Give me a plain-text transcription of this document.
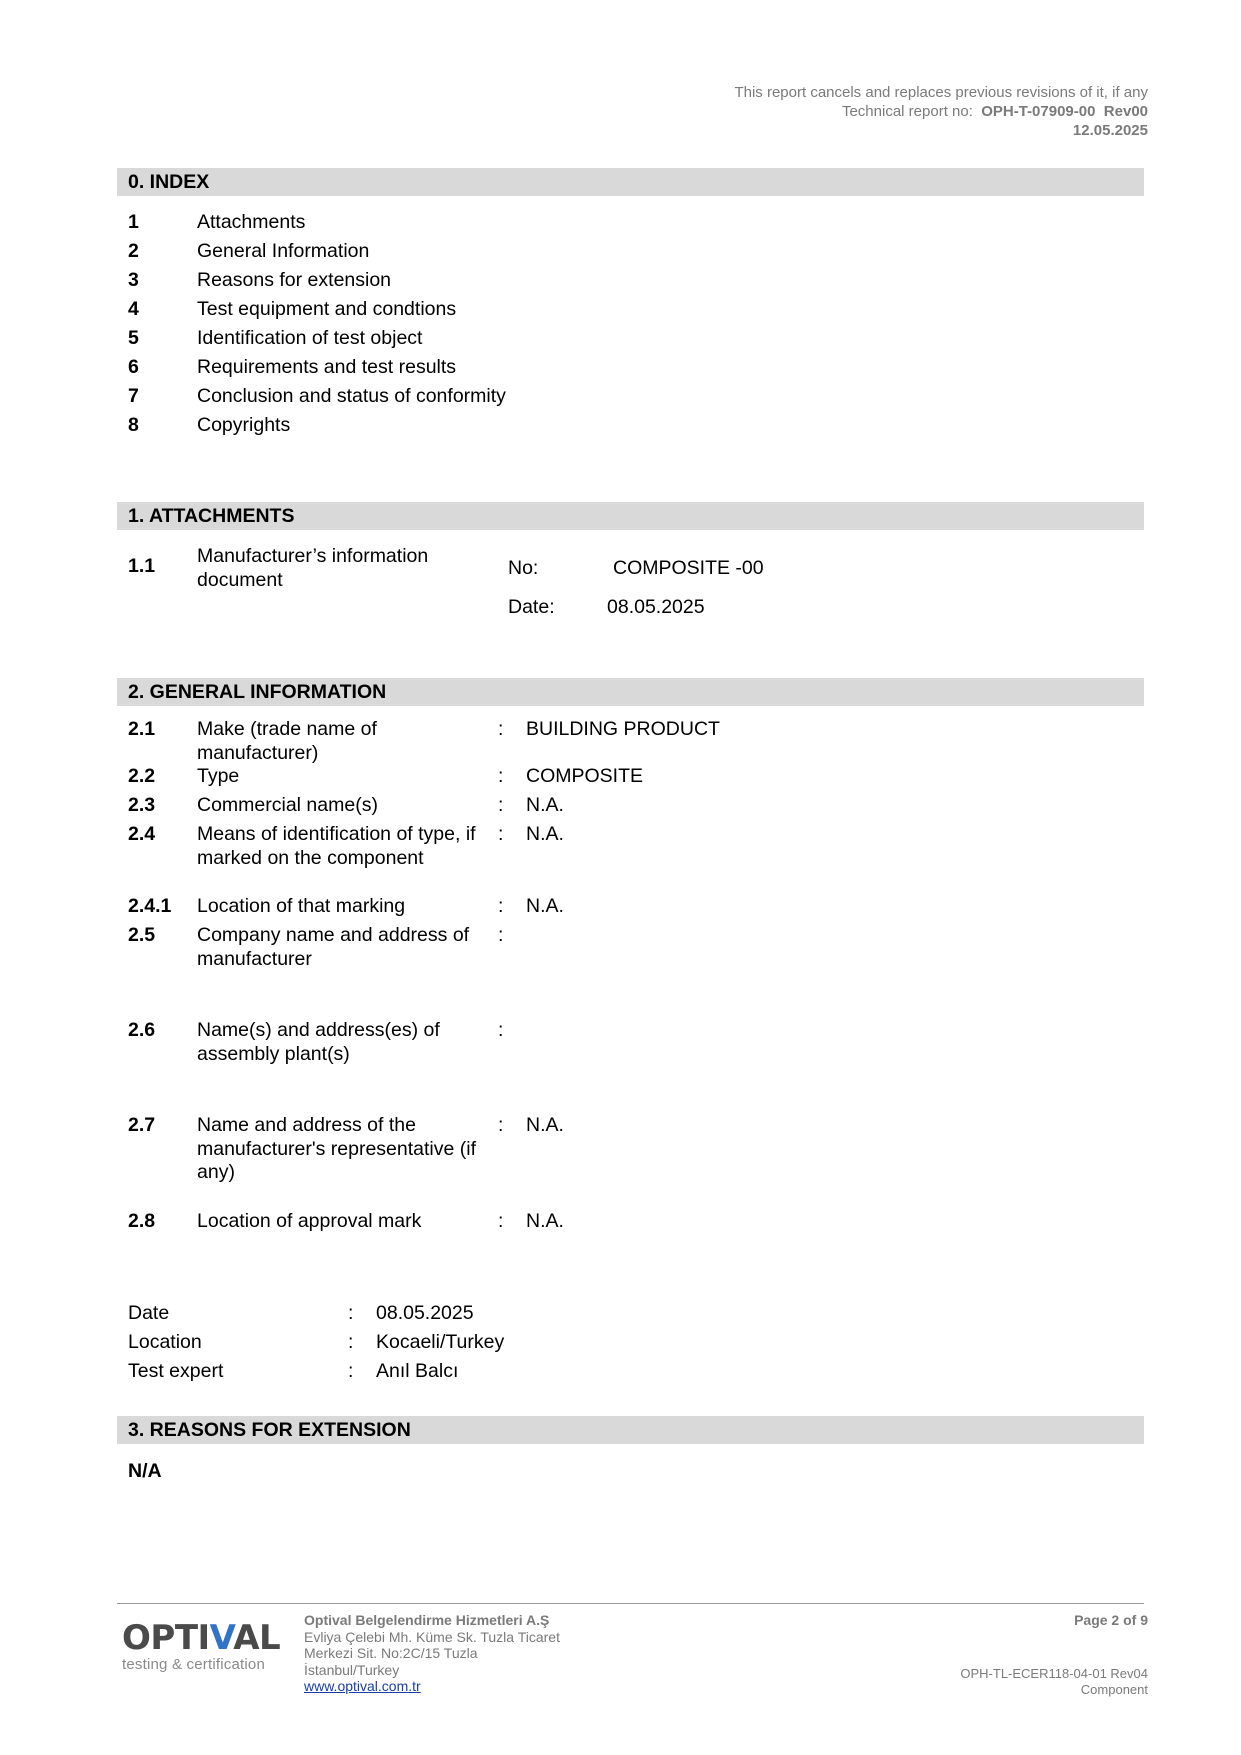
This report cancels and replaces previous revisions of it, if any
Technical report no: OPH-T-07909-00 Rev00
12.05.2025
0. INDEX
1	Attachments
2	General Information
3	Reasons for extension
4	Test equipment and condtions
5	Identification of test object
6	Requirements and test results
7	Conclusion and status of conformity
8	Copyrights
1. ATTACHMENTS
1.1	Manufacturer’s information document
No:	COMPOSITE -00
Date:	08.05.2025
2. GENERAL INFORMATION
2.1	Make (trade name of manufacturer)
: BUILDING PRODUCT
2.2	Type	: COMPOSITE
2.3	Commercial name(s)	: N.A.
2.4	Means of identification of type, if marked on the component
: N.A.
2.4.1	Location of that marking	: N.A.
2.5	Company name and address of manufacturer
:
2.6	Name(s) and address(es) of assembly plant(s)
:
2.7	Name and address of the manufacturer's representative (if any)
: N.A.
2.8	Location of approval mark	: N.A.
Date	: 08.05.2025
Location	: Kocaeli/Turkey
Test expert	: Anıl Balcı
3. REASONS FOR EXTENSION
N/A
OPTIVAL
testing & certification
Optival Belgelendirme Hizmetleri A.Ş
Evliya Çelebi Mh. Küme Sk. Tuzla Ticaret
Merkezi Sit. No:2C/15 Tuzla
İstanbul/Turkey
www.optival.com.tr
Page 2 of 9
OPH-TL-ECER118-04-01 Rev04
Component
